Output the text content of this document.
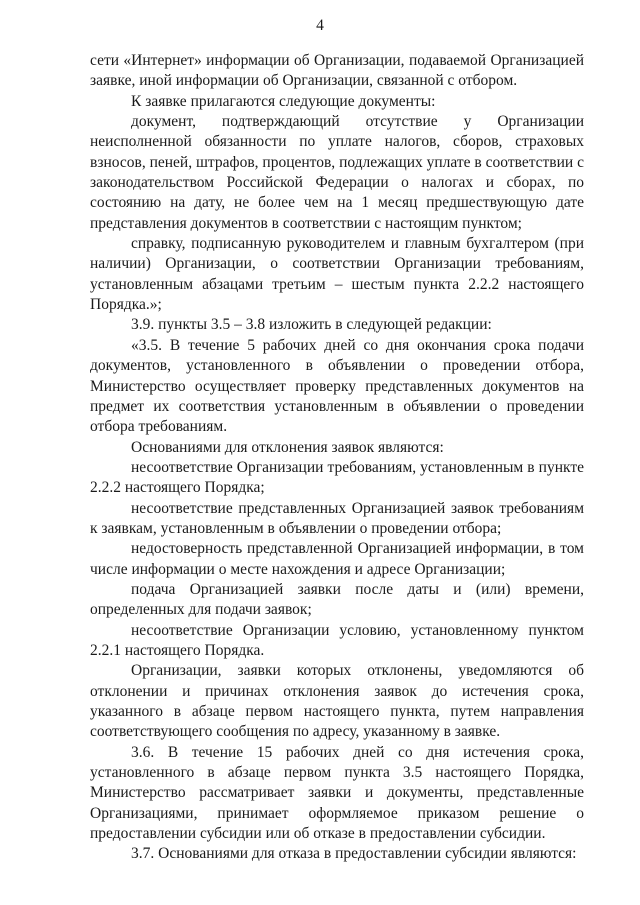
4

сети «Интернет» информации об Организации, подаваемой Организацией заявке, иной информации об Организации, связанной с отбором.

К заявке прилагаются следующие документы:

документ, подтверждающий отсутствие у Организации неисполненной обязанности по уплате налогов, сборов, страховых взносов, пеней, штрафов, процентов, подлежащих уплате в соответствии с законодательством Российской Федерации о налогах и сборах, по состоянию на дату, не более чем на 1 месяц предшествующую дате представления документов в соответствии с настоящим пунктом;

справку, подписанную руководителем и главным бухгалтером (при наличии) Организации, о соответствии Организации требованиям, установленным абзацами третьим – шестым пункта 2.2.2 настоящего Порядка.»;

3.9. пункты 3.5 – 3.8 изложить в следующей редакции:

«3.5. В течение 5 рабочих дней со дня окончания срока подачи документов, установленного в объявлении о проведении отбора, Министерство осуществляет проверку представленных документов на предмет их соответствия установленным в объявлении о проведении отбора требованиям.

Основаниями для отклонения заявок являются:

несоответствие Организации требованиям, установленным в пункте 2.2.2 настоящего Порядка;

несоответствие представленных Организацией заявок требованиям к заявкам, установленным в объявлении о проведении отбора;

недостоверность представленной Организацией информации, в том числе информации о месте нахождения и адресе Организации;

подача Организацией заявки после даты и (или) времени, определенных для подачи заявок;

несоответствие Организации условию, установленному пунктом 2.2.1 настоящего Порядка.

Организации, заявки которых отклонены, уведомляются об отклонении и причинах отклонения заявок до истечения срока, указанного в абзаце первом настоящего пункта, путем направления соответствующего сообщения по адресу, указанному в заявке.

3.6. В течение 15 рабочих дней со дня истечения срока, установленного в абзаце первом пункта 3.5 настоящего Порядка, Министерство рассматривает заявки и документы, представленные Организациями, принимает оформляемое приказом решение о предоставлении субсидии или об отказе в предоставлении субсидии.

3.7. Основаниями для отказа в предоставлении субсидии являются:
